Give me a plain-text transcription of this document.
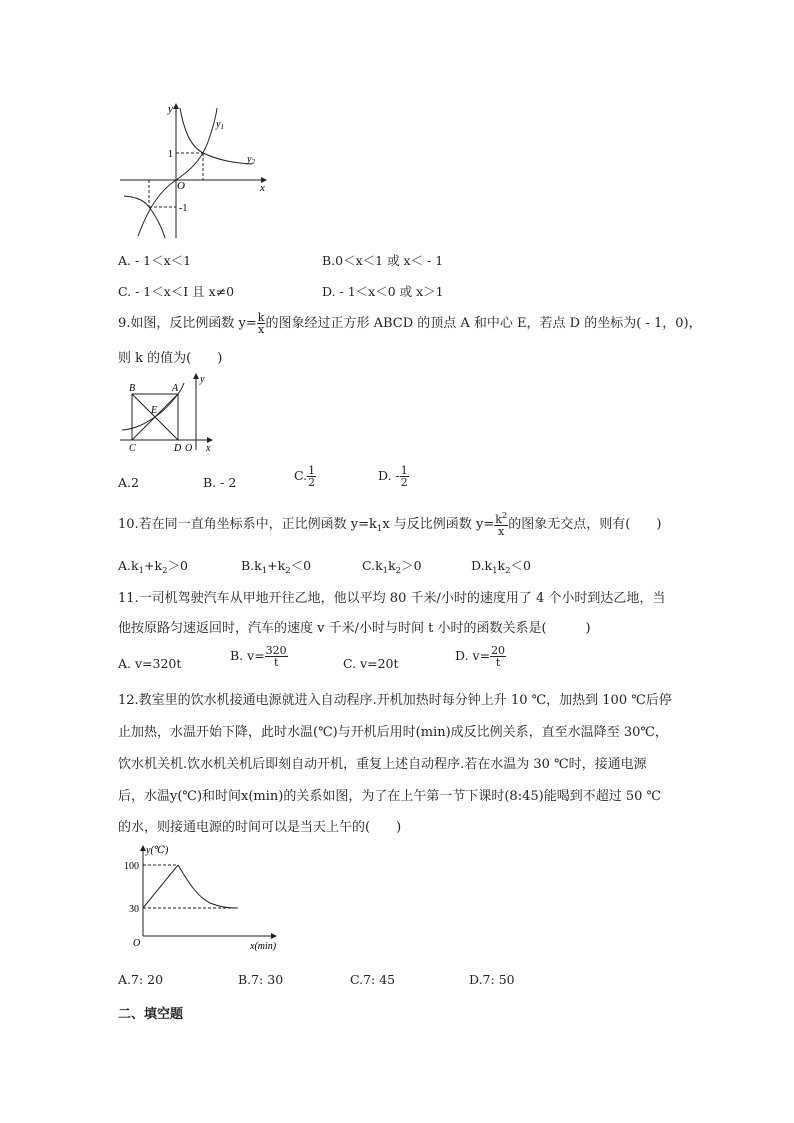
y
x
O
1
-1
$y_1$
$y_2$
A. - 1＜x＜1	B.0＜x＜1 或 x＜ - 1
C. - 1＜x＜I 且 x≠0	D. - 1＜x＜0 或 x＞1
9.如图，反比例函数 $y= \frac{k}{x}$ 的图象经过正方形 ABCD 的顶点 A 和中心 E，若点 D 的坐标为( - 1，0)，
则 k 的值为(　　)
B	A
E
C	D O x
y
A.2	B. - 2	C. $\frac{1}{2}$	D. - $\frac{1}{2}$
10.若在同一直角坐标系中，正比例函数 $y=k_1x$ 与反比例函数 $y= \frac{k^2}{x}$ 的图象无交点，则有(　　)
$A.k_1+k_2>0$	$B.k_1+k_2<0$	$C.k_1k_2>0$	$D.k_1k_2<0$
11.一司机驾驶汽车从甲地开往乙地，他以平均 80 千米/小时的速度用了 4 个小时到达乙地，当
他按原路匀速返回时，汽车的速度 v 千米/小时与时间 t 小时的函数关系是(　　　)
A. v=320t
B. $v= \frac{320}{t}$	C. v=20t
D. $v= \frac{20}{t}$
12.教室里的饮水机接通电源就进入自动程序.开机加热时每分钟上升 10 ℃，加热到 100 ℃后停
止加热，水温开始下降，此时水温(℃)与开机后用时(min)成反比例关系，直至水温降至 30℃，
饮水机关机.饮水机关机后即刻自动开机，重复上述自动程序.若在水温为 30 ℃时，接通电源
后，水温y(℃)和时间x(min)的关系如图，为了在上午第一节下课时(8:45)能喝到不超过 50 ℃
的水，则接通电源的时间可以是当天上午的(　　)
y(℃)
x(min)
100
30
O
A.7: 20	B.7: 30	C.7: 45	D.7: 50
二、填空题
